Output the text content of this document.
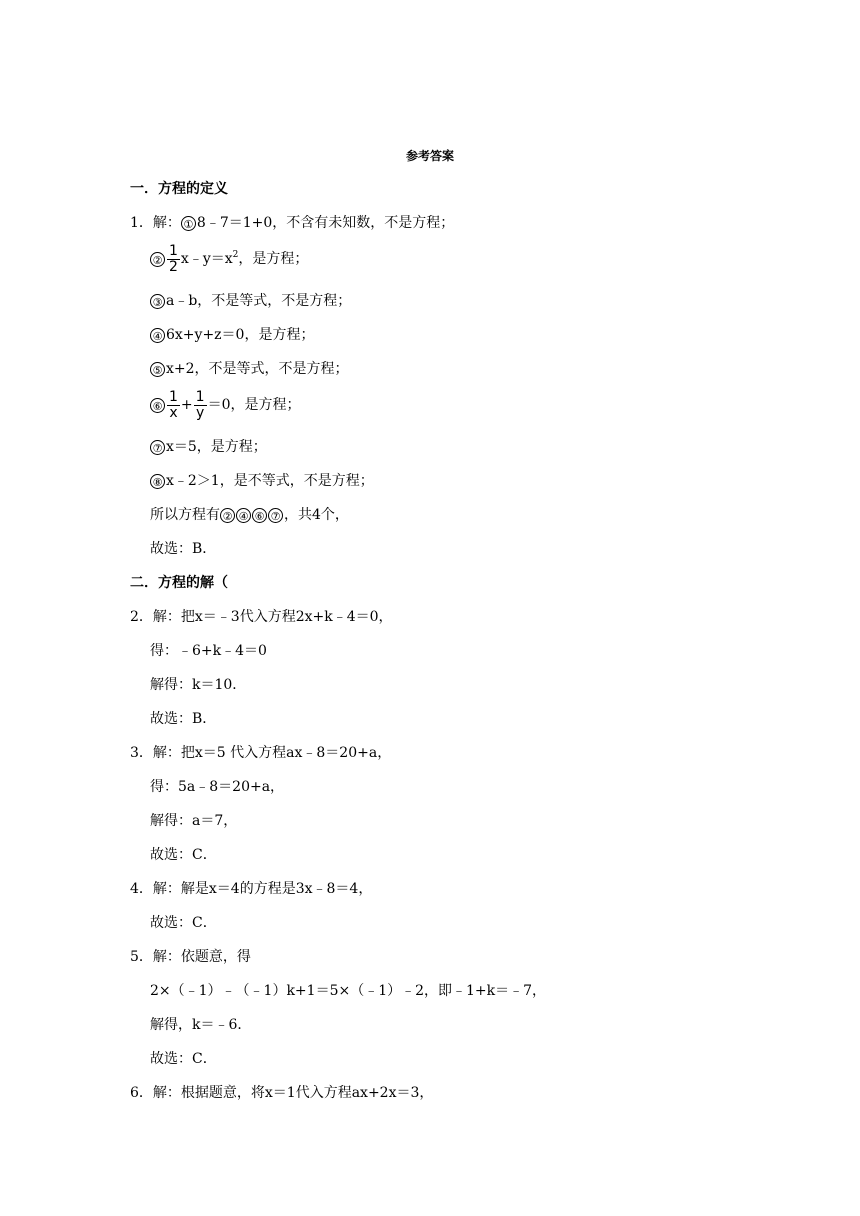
参考答案
一．方程的定义
1．解： ① 8﹣7＝1+0，不含有未知数，不是方程；
② $\frac{1}{2}$ $x﹣y=x^2$，是方程；
③ a﹣b，不是等式，不是方程；
④ 6x+y+z＝0，是方程；
⑤ x+2，不是等式，不是方程；
⑥ $\frac{1}{x} + \frac{1}{y} =0$，是方程；
⑦ x＝5，是方程；
⑧ x﹣2＞1，是不等式，不是方程；
所以方程有 ② ④ ⑥ ⑦ ，共4个，
故选：B．
二．方程的解（
2．解：把x＝﹣3代入方程2x+k﹣4＝0，
得：﹣6+k﹣4＝0
解得：k＝10．
故选：B．
3．解：把x＝5 代入方程ax﹣8＝20+a，
得：5a﹣8＝20+a，
解得：a＝7，
故选：C．
4．解：解是x＝4的方程是3x﹣8＝4，
故选：C．
5．解：依题意，得
2×（﹣1）﹣（﹣1）k+1＝5×（﹣1）﹣2，即﹣1+k＝﹣7，
解得，k＝﹣6．
故选：C．
6．解：根据题意，将x＝1代入方程ax+2x＝3，
